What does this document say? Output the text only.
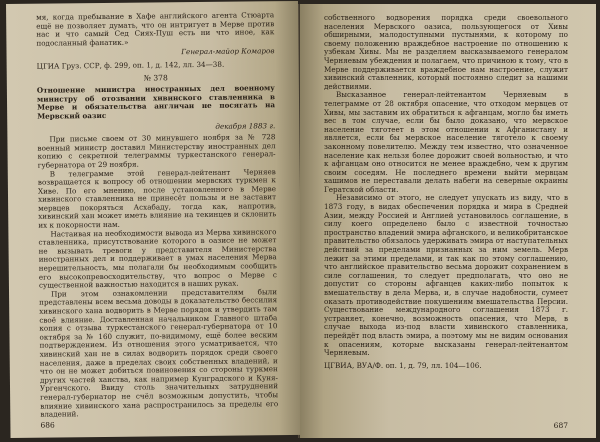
мя, когда пребывание в Хафе английского агента Стюарта ещё не позволяет думать, что он интригует в Мерве против нас и что самый Сед Сиях-Пуш есть ни что иное, как подосланный фанатик.»

Генерал-майор Комаров
ЦГИА Груз. ССР, ф. 299, оп. 1, д. 142, лл. 34—38.
№ 378

Отношение министра иностранных дел военному министру об отозвании хивинского ставленника в Мерве и обязательства англичан не посягать на Мервский оазис

декабря 1883 г.

При письме своем от 30 минувшего ноября за № 728 военный министр доставил Министерству иностранных дел копию с секретной телеграммы туркестанского генерал-губернатора от 29 ноября.

В телеграмме этой генерал-лейтенант Черняев возвращается к вопросу об отношении мервских туркмен к Хиве. По его мнению, после установленного в Мерве хивинского ставленника не принесёт пользы и не заставит мервцев покоряться Асхабаду, тогда как, напротив, хивинский хан может иметь влияние на текинцев и склонить их к покорности нам.

Настаивая на необходимости вывода из Мерва хивинского ставленника, присутствование которого в оазисе не может не вызывать тревоги у представителя Министерства иностранных дел и поддерживает в умах населения Мерва нерешительность, мы полагали бы необходимым сообщить его высокопревосходительству, что вопрос о Мерве с существенной важностью находится в наших руках.

При этом ознакомлении представителям были представлены всем весьма доводы в доказательство бессилия хивинского хана водворить в Мерве порядок и утвердить там своё влияние. Доставленная начальником Главного штаба копия с отзыва туркестанского генерал-губернатора от 10 октября за № 160 служит, по-видимому, ещё более веским подтверждением. Из отношения этого усматривается, что хивинский хан не в силах водворить порядок среди своего населения, даже в пределах своих собственных владений, и что он не может добиться повиновения со стороны туркмен других частей ханства, как например Кунградского и Куня-Ургенчского. Ввиду столь значительных затруднений генерал-губернатор не счёл возможным допустить, чтобы влияние хивинского хана распространилось за пределы его владений.

686

собственного водворения порядка среди своевольного населения Мервского оазиса, пользующегося от Хивы обширными, малодоступными пустынями, к которому по своему положению враждебное настроение по отношению к узбекам Хивы. Мы не разделяем высказываемого генералом Черняевым убеждения и полагаем, что причиною к тому, что в Мерве поддерживается враждебное нам настроение, служит хивинский ставленник, который постоянно следит за нашими действиями.

Высказанное генерал-лейтенантом Черняевым в телеграмме от 28 октября опасение, что отходом мервцев от Хивы, мы заставим их обратиться к афганцам, могло бы иметь вес в том случае, если бы было доказано, что мервское население тяготеет в этом отношении к Афганистану и является, если бы мервское население тяготело к своему законному повелителю. Между тем известно, что означенное население как нельзя более дорожит своей вольностью, и что к афганцам оно относится не менее враждебно, чем к другим своим соседям. Не последнего времени выйти мервцам хашимов не переставали делать набеги на северные окраины Гератской области.

Независимо от этого, не следует упускать из виду, что в 1873 году, в видах обеспечения порядка и мира в Средней Азии, между Россией и Англией установилось соглашение, в силу коего определено было с известной точностью пространство владений эмира афганского, и великобританское правительство обязалось удерживать эмира от наступательных действий за пределами признанных за ним земель. Мерв лежит за этими пределами, и так как по этому соглашению, что английское правительство весьма дорожит сохранением в силе соглашения, то следует предполагать, что оно не допустит со стороны афганцев каких-либо попыток к вмешательству в дела Мерва, и, в случае надобности, сумеет оказать противодействие покушениям вмешательства Персии. Существование международного соглашения 1873 г. устраняет, конечно, возможность опасения, что Мерв, в случае выхода из-под власти хивинского ставленника, перейдёт под власть эмира, а поэтому мы не видим основания к опасениям, которые высказаны генерал-лейтенантом Черняевым.

ЦГВИА, ВУА/Ф. оп. 1, д. 79, лл. 104—106.
687
